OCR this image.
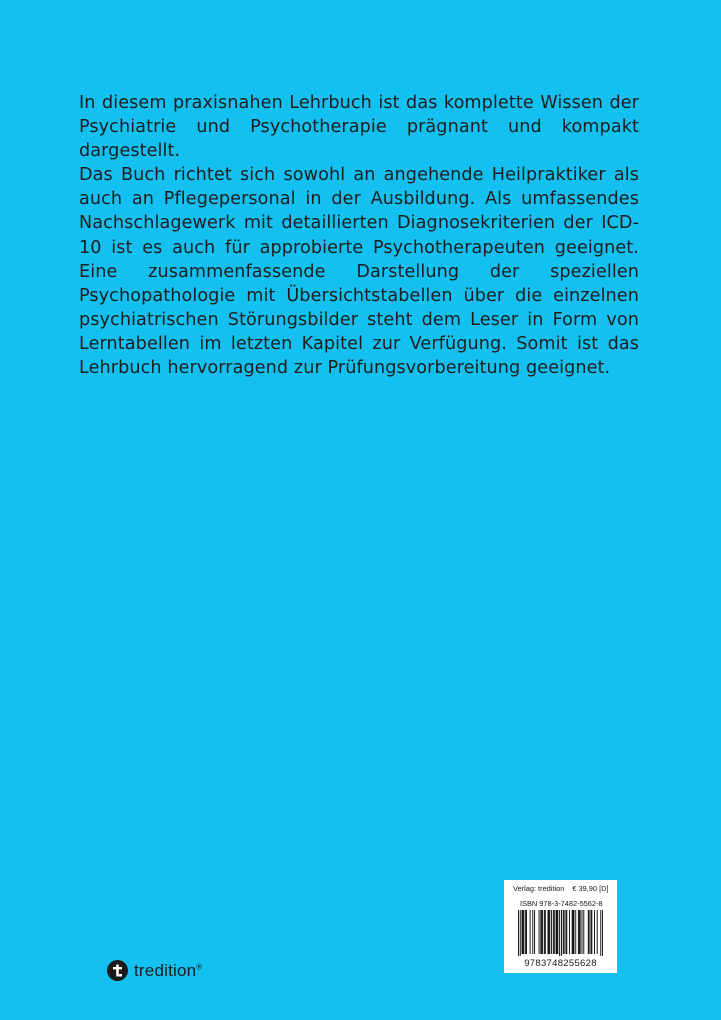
In diesem praxisnahen Lehrbuch ist das komplette Wissen der Psychiatrie und Psychotherapie prägnant und kompakt dargestellt.

Das Buch richtet sich sowohl an angehende Heilpraktiker als auch an Pflegepersonal in der Ausbildung. Als umfassendes Nachschlagewerk mit detaillierten Diagnosekriterien der ICD-10 ist es auch für approbierte Psychotherapeuten geeignet. Eine zusammenfassende Darstellung der speziellen Psychopathologie mit Übersichtstabellen über die einzelnen psychiatrischen Störungsbilder steht dem Leser in Form von Lerntabellen im letzten Kapitel zur Verfügung. Somit ist das Lehrbuch hervorragend zur Prüfungsvorbereitung geeignet.

tredition®
Verlag: tredition € 39,90 [D]
ISBN 978-3-7482-5562-8
9783748255628
